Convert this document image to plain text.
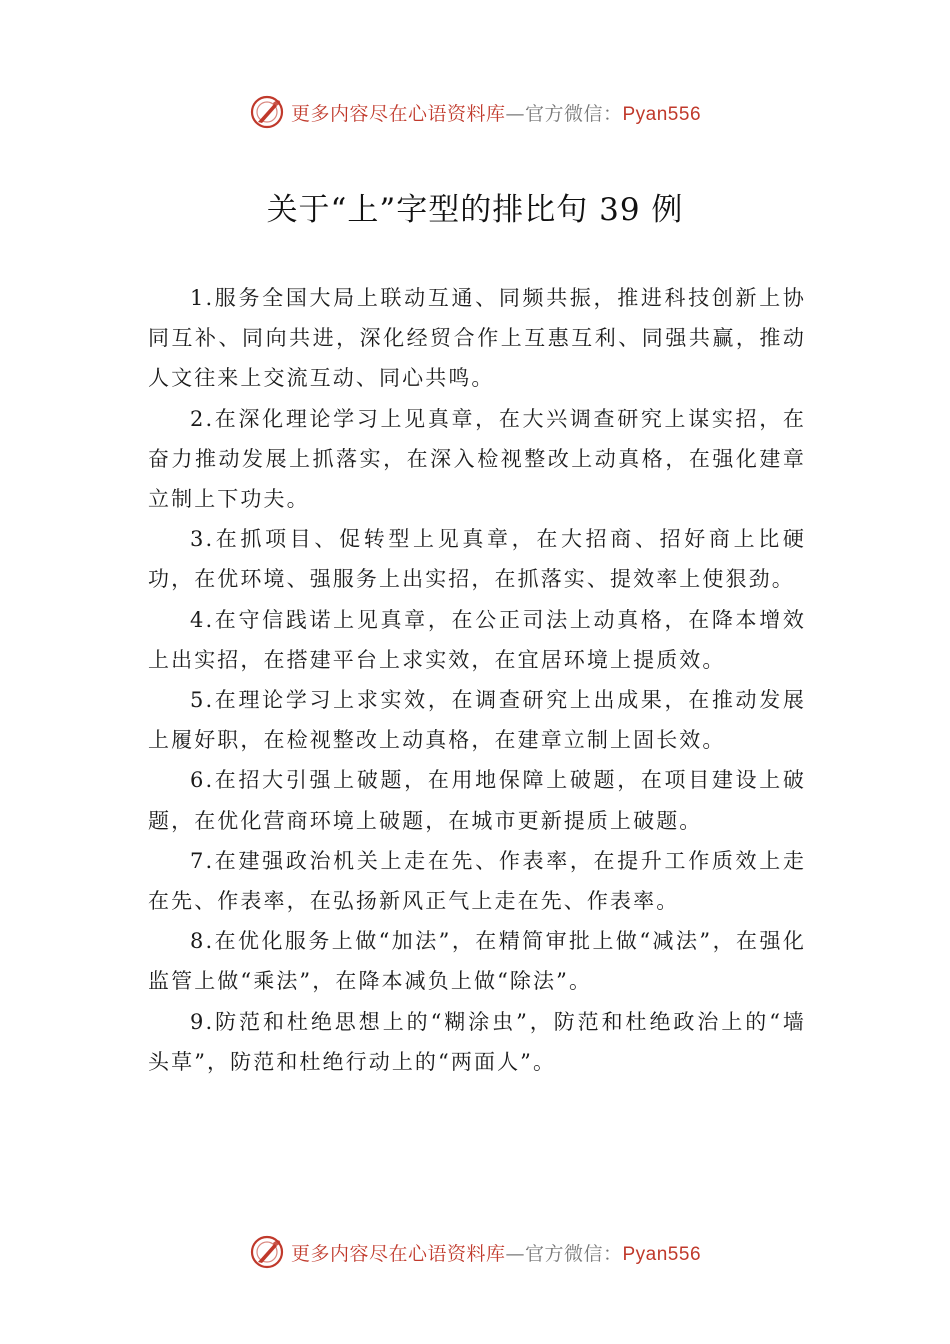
更多内容尽在心语资料库—官方微信：Pyan556
关于“上”字型的排比句 39 例

1.服务全国大局上联动互通、同频共振，推进科技创新上协同互补、同向共进，深化经贸合作上互惠互利、同强共赢，推动人文往来上交流互动、同心共鸣。

2.在深化理论学习上见真章，在大兴调查研究上谋实招，在奋力推动发展上抓落实，在深入检视整改上动真格，在强化建章立制上下功夫。

3.在抓项目、促转型上见真章，在大招商、招好商上比硬功，在优环境、强服务上出实招，在抓落实、提效率上使狠劲。

4.在守信践诺上见真章，在公正司法上动真格，在降本增效上出实招，在搭建平台上求实效，在宜居环境上提质效。

5.在理论学习上求实效，在调查研究上出成果，在推动发展上履好职，在检视整改上动真格，在建章立制上固长效。

6.在招大引强上破题，在用地保障上破题，在项目建设上破题，在优化营商环境上破题，在城市更新提质上破题。

7.在建强政治机关上走在先、作表率，在提升工作质效上走在先、作表率，在弘扬新风正气上走在先、作表率。

8.在优化服务上做“加法”，在精简审批上做“减法”，在强化监管上做“乘法”，在降本减负上做“除法”。

9.防范和杜绝思想上的“糊涂虫”，防范和杜绝政治上的“墙头草”，防范和杜绝行动上的“两面人”。

更多内容尽在心语资料库—官方微信：Pyan556
